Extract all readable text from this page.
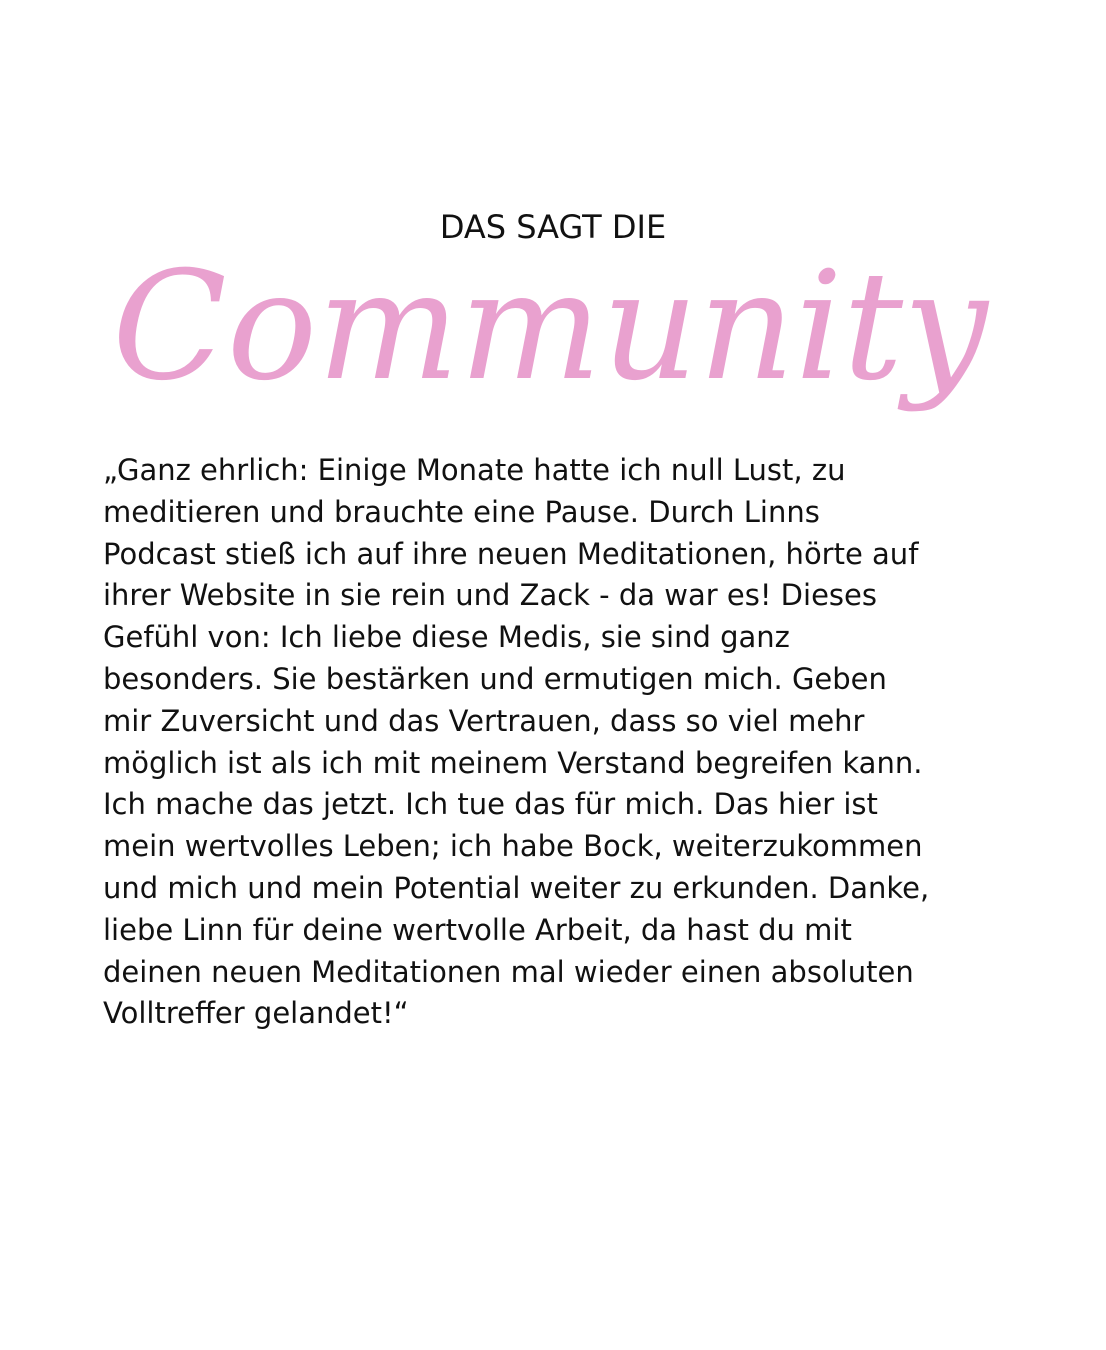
DAS SAGT DIE
Community

„Ganz ehrlich: Einige Monate hatte ich null Lust, zu
meditieren und brauchte eine Pause. Durch Linns
Podcast stieß ich auf ihre neuen Meditationen, hörte auf
ihrer Website in sie rein und Zack - da war es! Dieses
Gefühl von: Ich liebe diese Medis, sie sind ganz
besonders. Sie bestärken und ermutigen mich. Geben
mir Zuversicht und das Vertrauen, dass so viel mehr
möglich ist als ich mit meinem Verstand begreifen kann.
Ich mache das jetzt. Ich tue das für mich. Das hier ist
mein wertvolles Leben; ich habe Bock, weiterzukommen
und mich und mein Potential weiter zu erkunden. Danke,
liebe Linn für deine wertvolle Arbeit, da hast du mit
deinen neuen Meditationen mal wieder einen absoluten
Volltreffer gelandet!“
